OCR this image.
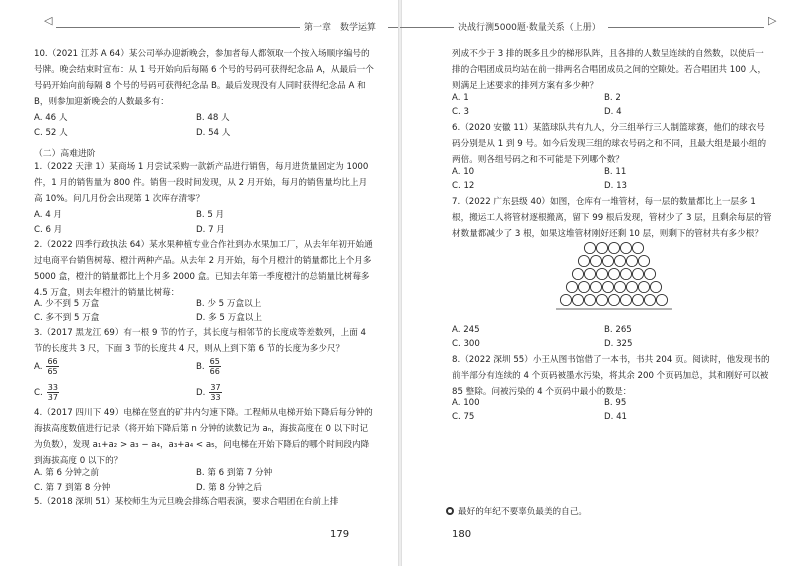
◁
第一章　数学运算

10.（2021 江苏 A 64）某公司举办迎新晚会，参加者每人都领取一个按入场顺序编号的号牌。晚会结束时宣布：从 1 号开始向后每隔 6 个号的号码可获得纪念品 A，从最后一个号码开始向前每隔 8 个号的号码可获得纪念品 B。最后发现没有人同时获得纪念品 A 和 B，则参加迎新晚会的人数最多有：

A. 46 人	B. 48 人
C. 52 人	D. 54 人
（二）高难进阶

1.（2022 天津 1）某商场 1 月尝试采购一款新产品进行销售，每月进货量固定为 1000 件，1 月的销售量为 800 件。销售一段时间发现，从 2 月开始，每月的销售量均比上月高 10%。问几月份会出现第 1 次库存清零？

A. 4 月	B. 5 月
C. 6 月	D. 7 月

2.（2022 四季行政执法 64）某水果种植专业合作社到办水果加工厂，从去年年初开始通过电商平台销售树莓、橙汁两种产品。从去年 2 月开始，每个月橙汁的销量都比上个月多 5000 盒，橙汁的销量都比上个月多 2000 盒。已知去年第一季度橙汁的总销量比树莓多 4.5 万盒，则去年橙汁的销量比树莓：

A. 少不到 5 万盒	B. 少 5 万盒以上
C. 多不到 5 万盒	D. 多 5 万盒以上

3.（2017 黑龙江 69）有一根 9 节的竹子，其长度与相邻节的长度成等差数列，上面 4 节的长度共 3 尺，下面 3 节的长度共 4 尺，则从上到下第 6 节的长度为多少尺？

A. $\frac{66}{65}$	B. $\frac{65}{66}$
C. $\frac{33}{37}$	D. $\frac{37}{33}$

4.（2017 四川下 49）电梯在竖直的矿井内匀速下降。工程师从电梯开始下降后每分钟的海拔高度数值进行记录（将开始下降后第 n 分钟的读数记为 aₙ，海拔高度在 0 以下时记为负数），发现 a₁+a₂ > a₃ − a₄，a₃+a₄ < a₅，问电梯在开始下降后的哪个时间段内降到海拔高度 0 以下的？

A. 第 6 分钟之前	B. 第 6 到第 7 分钟
C. 第 7 到第 8 分钟	D. 第 8 分钟之后

5.（2018 深圳 51）某校师生为元旦晚会排练合唱表演，要求合唱团在台前上排

179
决战行测5000题·数量关系（上册）
▷

列成不少于 3 排的既多且少的梯形队阵，且各排的人数呈连续的自然数，以使后一排的合唱团成员均站在前一排两名合唱团成员之间的空隙处。若合唱团共 100 人，则满足上述要求的排列方案有多少种？

A. 1	B. 2
C. 3	D. 4

6.（2020 安徽 11）某篮球队共有九人，分三组举行三人制篮球赛，他们的球衣号码分别是从 1 到 9 号。如今后发现三组的球衣号码之和不同，且最大组是最小组的两倍。则各组号码之和不可能是下列哪个数？

A. 10	B. 11
C. 12	D. 13

7.（2022 广东县级 40）如图，仓库有一堆管材，每一层的数量都比上一层多 1 根，搬运工人将管材逐根搬离，留下 99 根后发现，管材少了 3 层，且剩余每层的管材数量都减少了 3 根，如果这堆管材刚好还剩 10 层，则剩下的管材共有多少根？

A. 245	B. 265
C. 300	D. 325

8.（2022 深圳 55）小王从图书馆借了一本书，书共 204 页。阅读时，他发现书的前半部分有连续的 4 个页码被墨水污染，将其余 200 个页码加总，其和刚好可以被 85 整除。问被污染的 4 个页码中最小的数是：

A. 100	B. 95
C. 75	D. 41
最好的年纪不要辜负最美的自己。
180
